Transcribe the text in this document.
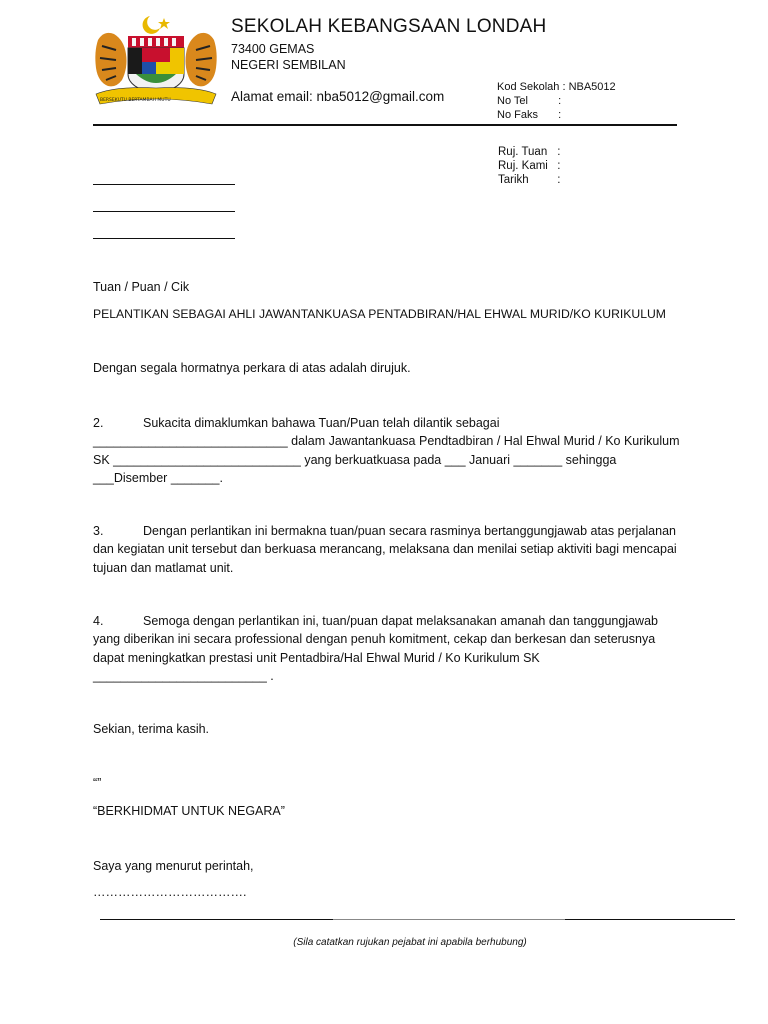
BERSEKUTU BERTAMBAH MUTU
SEKOLAH KEBANGSAAN LONDAH
73400 GEMAS
NEGERI SEMBILAN
Alamat email: nba5012@gmail.com
Kod Sekolah : NBA5012
No Tel	:
No Faks :
Ruj. Tuan :
Ruj. Kami :
Tarikh :
Tuan / Puan / Cik
PELANTIKAN SEBAGAI AHLI JAWANTANKUASA PENTADBIRAN/HAL EHWAL MURID/KO KURIKULUM
Dengan segala hormatnya perkara di atas adalah dirujuk.
2.	Sukacita dimaklumkan bahawa Tuan/Puan telah dilantik sebagai ____________________________ dalam Jawantankuasa Pendtadbiran / Hal Ehwal Murid / Ko Kurikulum SK ___________________________ yang berkuatkuasa pada ___ Januari _______ sehingga ___Disember _______.
3.	Dengan perlantikan ini bermakna tuan/puan secara rasminya bertanggungjawab atas perjalanan dan kegiatan unit tersebut dan berkuasa merancang, melaksana dan menilai setiap aktiviti bagi mencapai tujuan dan matlamat unit.
4.	Semoga dengan perlantikan ini, tuan/puan dapat melaksanakan amanah dan tanggungjawab yang diberikan ini secara professional dengan penuh komitment, cekap dan berkesan dan seterusnya dapat meningkatkan prestasi unit Pentadbira/Hal Ehwal Murid / Ko Kurikulum SK _________________________ .
Sekian, terima kasih.
“”
“BERKHIDMAT UNTUK NEGARA”
Saya yang menurut perintah,
……………………………….
(Sila catatkan rujukan pejabat ini apabila berhubung)
